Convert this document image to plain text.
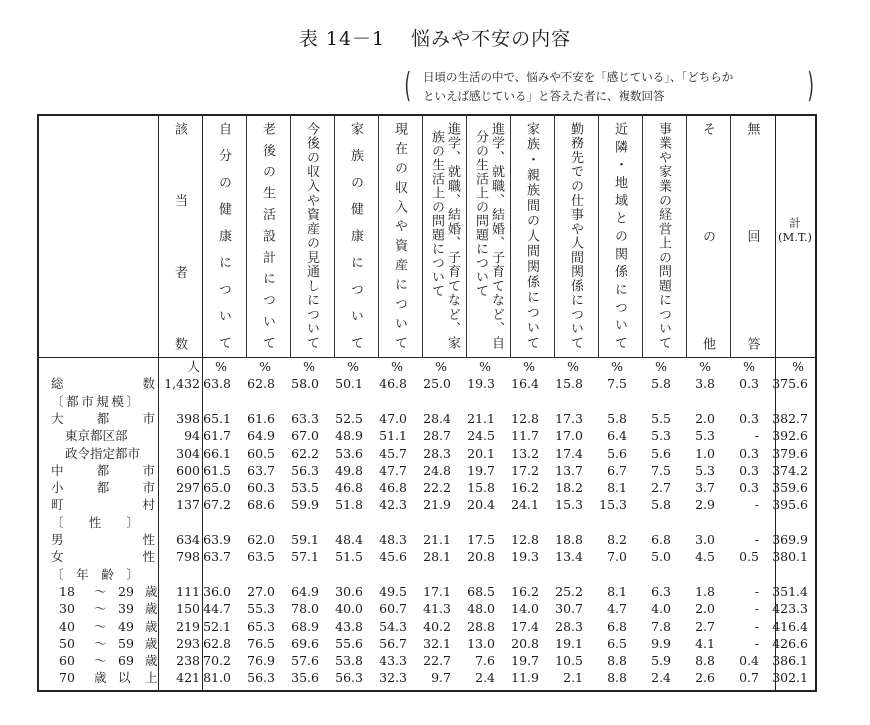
表 14－1 悩みや不安の内容
( 日頃の生活の中で、悩みや不安を「感じている」、「どちらか
といえば感じている」と答えた者に、複数回答	)
該当者数 自分の健康について 老後の生活設計について 今後の収入や資産の見通しについて 家族の健康について 現在の収入や資産について	進学、就職、結婚、子育てなど、家
族の生活上の問題について	進学、就職、結婚、子育てなど、自
分の生活上の問題について	家族・親族間の人間関係について 勤務先での仕事や人間関係について 近隣・地域との関係について 事業や家業の経営上の問題について その他 無回答	計
(M.T.)
人 %	%	%	%	%	%	%	%	%	%	%	%	%	%
総数 1,432 63.8 62.8 58.0 50.1 46.8 25.0 19.3 16.4 15.8 7.5 5.8 3.8 0.3 375.6
〔都市規模〕
大都市 398 65.1 61.6 63.3 52.5 47.0 28.4 21.1 12.8 17.3 5.8 5.5 2.0 0.3 382.7
東京都区部	94 61.7 64.9 67.0 48.9 51.1 28.7 24.5 11.7 17.0 6.4 5.3 5.3	- 392.6
政令指定都市	304 66.1 60.5 62.2 53.6 45.7 28.3 20.1 13.2 17.4 5.6 5.6 1.0 0.3 379.6
中都市 600 61.5 63.7 56.3 49.8 47.7 24.8 19.7 17.2 13.7 6.7 7.5 5.3 0.3 374.2
小都市 297 65.0 60.3 53.5 46.8 46.8 22.2 15.8 16.2 18.2 8.1 2.7 3.7 0.3 359.6
町村 137 67.2 68.6 59.9 51.8 42.3 21.9 20.4 24.1 15.3 15.3 5.8 2.9	- 395.6
〔性〕
男性 634 63.9 62.0 59.1 48.4 48.3 21.1 17.5 12.8 18.8 8.2 6.8 3.0	- 369.9
女性 798 63.7 63.5 57.1 51.5 45.6 28.1 20.8 19.3 13.4 7.0 5.0 4.5 0.5 380.1
〔年齢〕
18 ～ 29 歳 111 36.0 27.0 64.9 30.6 49.5 17.1 68.5 16.2 25.2 8.1 6.3 1.8	- 351.4
30 ～ 39 歳 150 44.7 55.3 78.0 40.0 60.7 41.3 48.0 14.0 30.7 4.7 4.0 2.0	- 423.3
40 ～ 49 歳 219 52.1 65.3 68.9 43.8 54.3 40.2 28.8 17.4 28.3 6.8 7.8 2.7	- 416.4
50 ～ 59 歳 293 62.8 76.5 69.6 55.6 56.7 32.1 13.0 20.8 19.1 6.5 9.9 4.1	- 426.6
60 ～ 69 歳 238 70.2 76.9 57.6 53.8 43.3 22.7 7.6 19.7 10.5 8.8 5.9 8.8 0.4 386.1
70 歳 以 上 421 81.0 56.3 35.6 56.3 32.3 9.7 2.4 11.9 2.1 8.8 2.4 2.6 0.7 302.1
